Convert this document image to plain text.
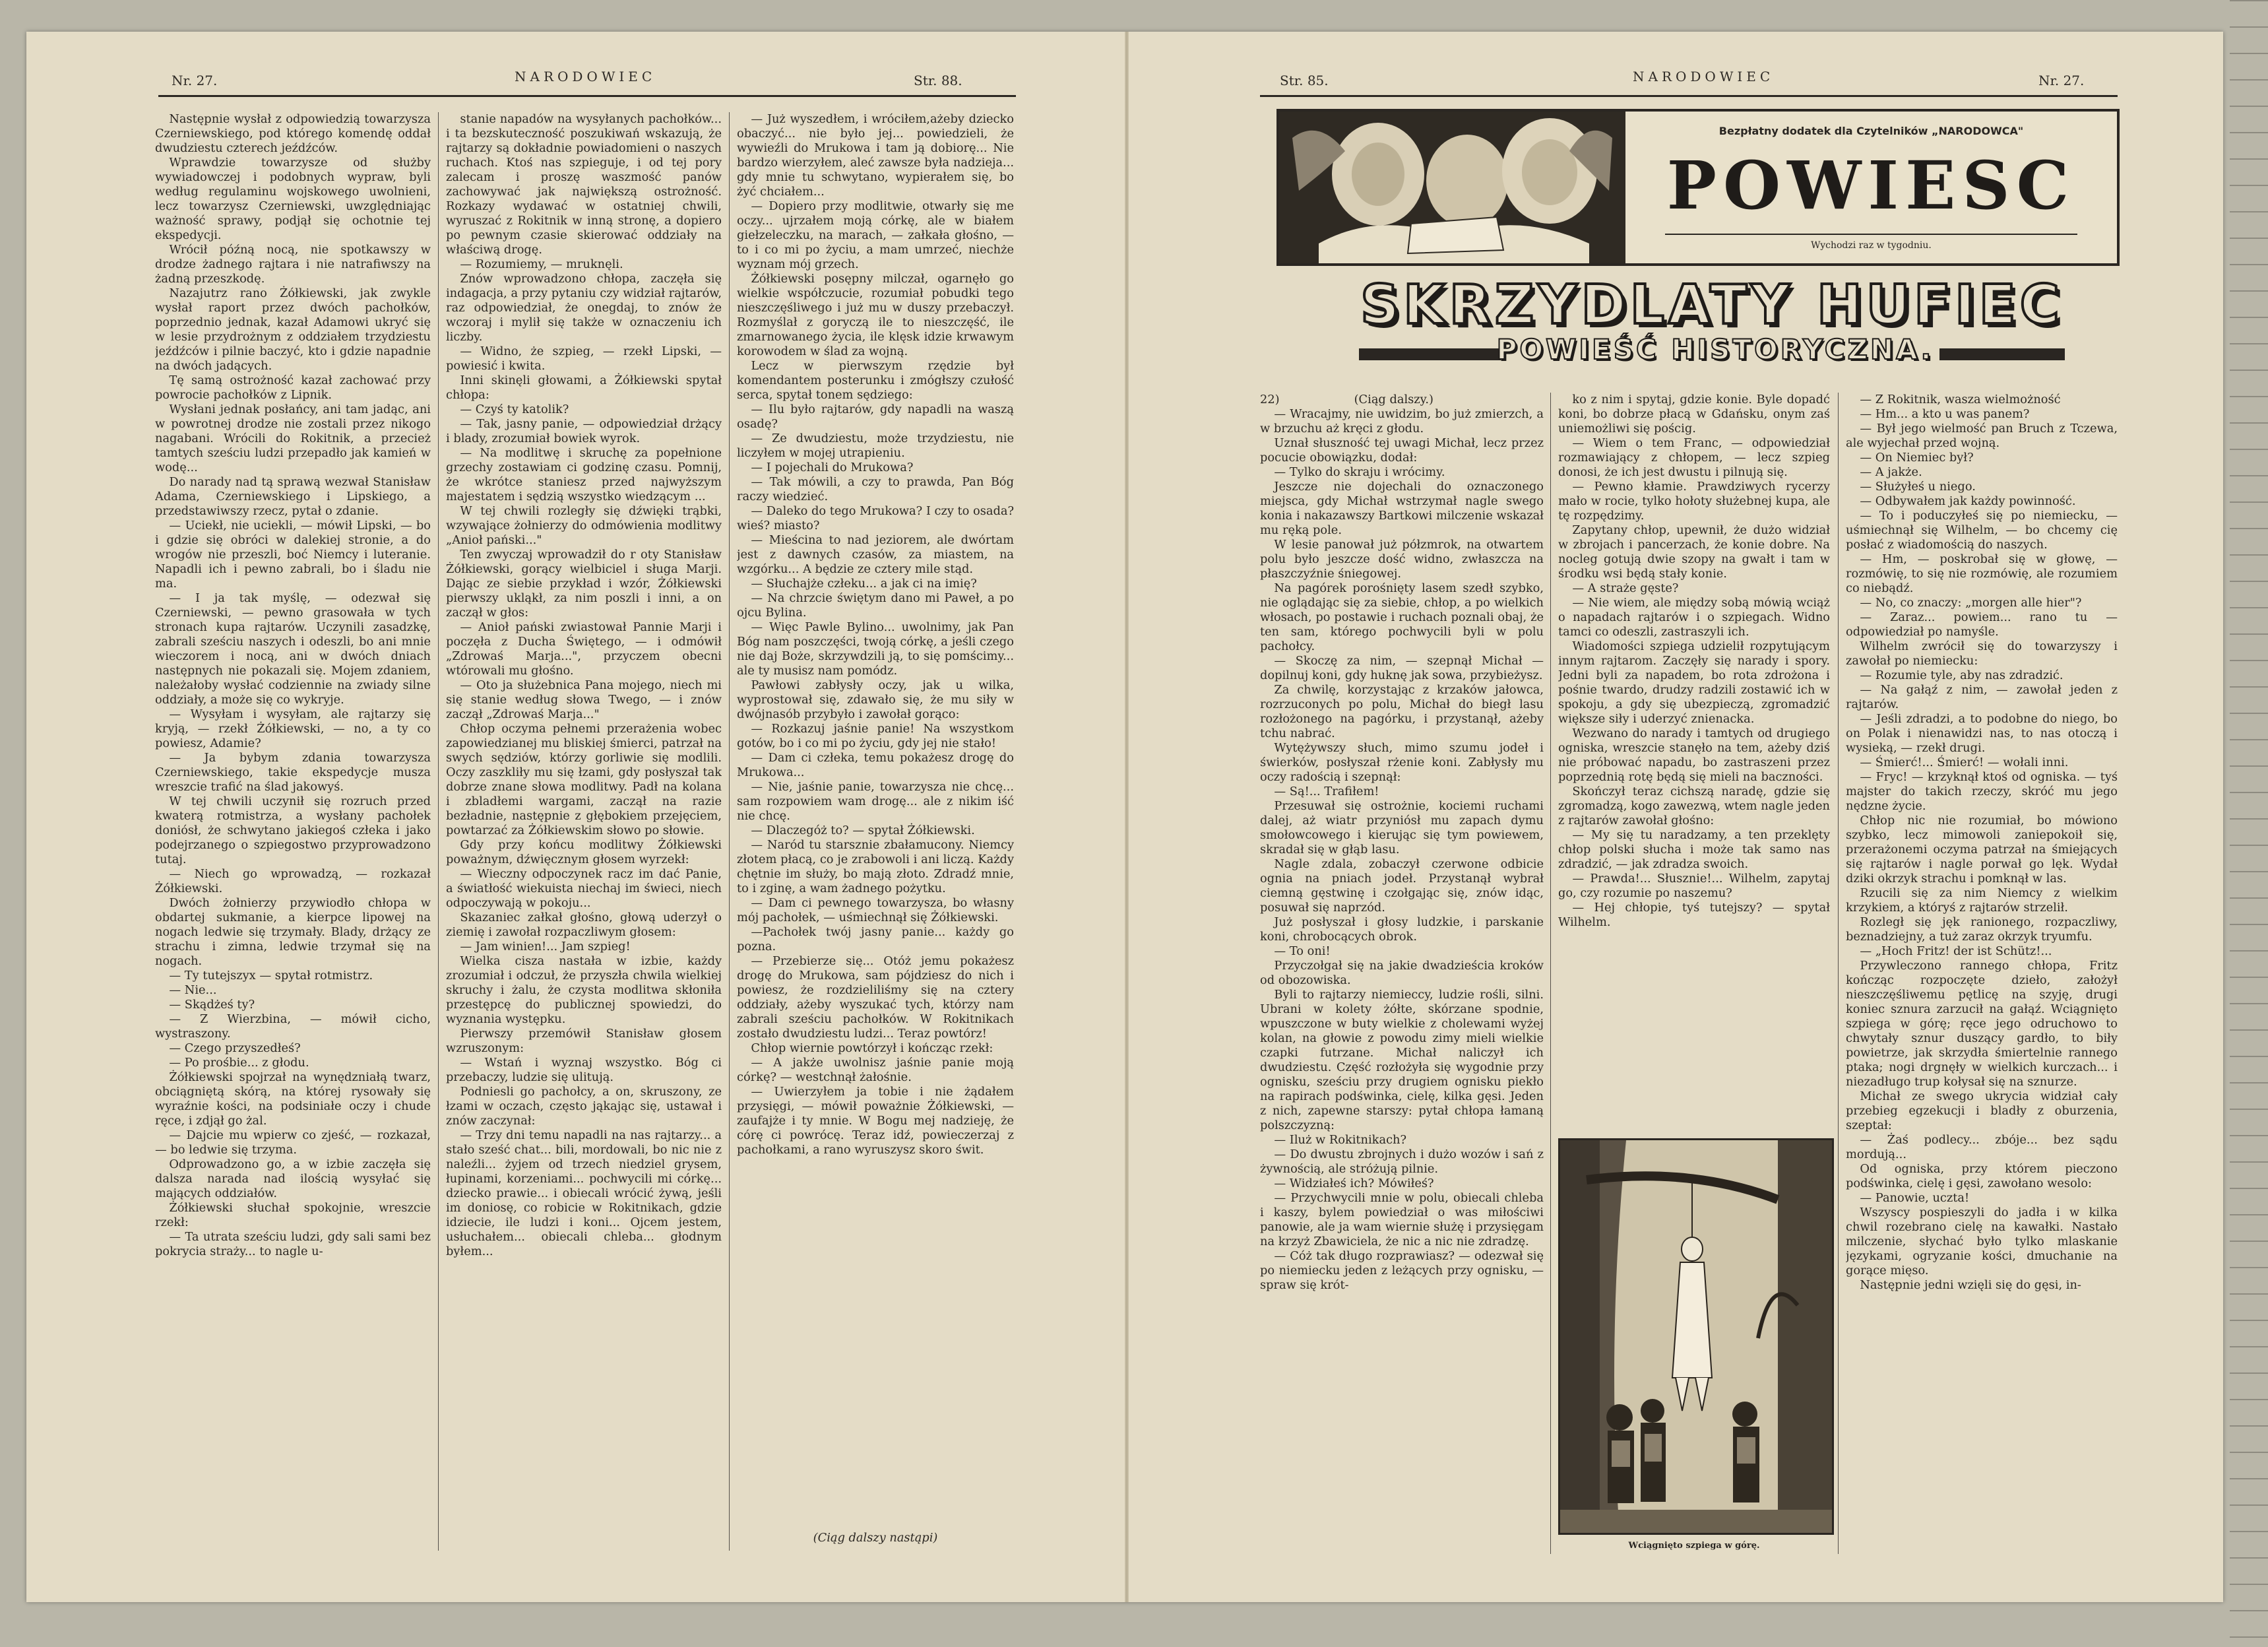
Nr. 27.	NARODOWIEC	Str. 88.

Następnie wysłał z odpowiedzią towarzysza Czerniewskiego, pod którego komendę oddał dwudziestu czterech jeźdźców.

Wprawdzie towarzysze od służby wywiadowczej i podobnych wypraw, byli według regulaminu wojskowego uwolnieni, lecz towarzysz Czerniewski, uwzględniając ważność sprawy, podjął się ochotnie tej ekspedycji.

Wrócił późną nocą, nie spotkawszy w drodze żadnego rajtara i nie natrafiwszy na żadną przeszkodę.

Nazajutrz rano Żółkiewski, jak zwykle wysłał raport przez dwóch pachołków, poprzednio jednak, kazał Adamowi ukryć się w lesie przydrożnym z oddziałem trzydziestu jeźdźców i pilnie baczyć, kto i gdzie napadnie na dwóch jadących.

Tę samą ostrożność kazał zachować przy powrocie pachołków z Lipnik.

Wysłani jednak posłańcy, ani tam jadąc, ani w powrotnej drodze nie zostali przez nikogo nagabani. Wrócili do Rokitnik, a przecież tamtych sześciu ludzi przepadło jak kamień w wodę...

Do narady nad tą sprawą wezwał Stanisław Adama, Czerniewskiego i Lipskiego, a przedstawiwszy rzecz, pytał o zdanie.

— Uciekł, nie uciekli, — mówił Lipski, — bo i gdzie się obróci w dalekiej stronie, a do wrogów nie przeszli, boć Niemcy i luteranie. Napadli ich i pewno zabrali, bo i śladu nie ma.

— I ja tak myślę, — odezwał się Czerniewski, — pewno grasowała w tych stronach kupa rajtarów. Uczynili zasadzkę, zabrali sześciu naszych i odeszli, bo ani mnie wieczorem i nocą, ani w dwóch dniach następnych nie pokazali się. Mojem zdaniem, należałoby wysłać codziennie na zwiady silne oddziały, a może się co wykryje.

— Wysyłam i wysyłam, ale rajtarzy się kryją, — rzekł Żółkiewski, — no, a ty co powiesz, Adamie?

— Ja bybym zdania towarzysza Czerniewskiego, takie ekspedycje musza wreszcie trafić na ślad jakowyś.

W tej chwili uczynił się rozruch przed kwaterą rotmistrza, a wysłany pachołek doniósł, że schwytano jakiegoś człeka i jako podejrzanego o szpiegostwo przyprowadzono tutaj.

— Niech go wprowadzą, — rozkazał Żółkiewski.

Dwóch żołnierzy przywiodło chłopa w obdartej sukmanie, a kierpce lipowej na nogach ledwie się trzymały. Blady, drżący ze strachu i zimna, ledwie trzymał się na nogach.

— Ty tutejszyx — spytał rotmistrz.

— Nie...

— Skądżeś ty?

— Z Wierzbina, — mówił cicho, wystraszony.

— Czego przyszedłeś?

— Po prośbie... z głodu.

Żółkiewski spojrzał na wynędzniałą twarz, obciągniętą skórą, na której rysowały się wyraźnie kości, na podsiniałe oczy i chude ręce, i zdjął go żal.

— Dajcie mu wpierw co zjeść, — rozkazał, — bo ledwie się trzyma.

Odprowadzono go, a w izbie zaczęła się dalsza narada nad ilością wysyłać się mających oddziałów.

Żółkiewski słuchał spokojnie, wreszcie rzekł:

— Ta utrata sześciu ludzi, gdy sali sami bez pokrycia straży... to nagle u-

stanie napadów na wysyłanych pachołków... i ta bezskuteczność poszukiwań wskazują, że rajtarzy są dokładnie powiadomieni o naszych ruchach. Ktoś nas szpieguje, i od tej pory zalecam i proszę waszmość panów zachowywać jak największą ostrożność. Rozkazy wydawać w ostatniej chwili, wyruszać z Rokitnik w inną stronę, a dopiero po pewnym czasie skierować oddziały na właściwą drogę.

— Rozumiemy, — mruknęli.

Znów wprowadzono chłopa, zaczęła się indagacja, a przy pytaniu czy widział rajtarów, raz odpowiedział, że onegdaj, to znów że wczoraj i mylił się także w oznaczeniu ich liczby.

— Widno, że szpieg, — rzekł Lipski, — powiesić i kwita.

Inni skinęli głowami, a Żółkiewski spytał chłopa:

— Czyś ty katolik?

— Tak, jasny panie, — odpowiedział drżący i blady, zrozumiał bowiek wyrok.

— Na modlitwę i skruchę za popełnione grzechy zostawiam ci godzinę czasu. Pomnij, że wkrótce staniesz przed najwyższym majestatem i sędzią wszystko wiedzącym ...

W tej chwili rozległy się dźwięki trąbki, wzywające żołnierzy do odmówienia modlitwy „Anioł pański..."

Ten zwyczaj wprowadził do r oty Stanisław Żółkiewski, gorący wielbiciel i sługa Marji. Dając ze siebie przykład i wzór, Żółkiewski pierwszy ukląkł, za nim poszli i inni, a on zaczął w głos:

— Anioł pański zwiastował Pannie Marji i poczęła z Ducha Świętego, — i odmówił „Zdrowaś Marja...", przyczem obecni wtórowali mu głośno.

— Oto ja służebnica Pana mojego, niech mi się stanie według słowa Twego, — i znów zaczął „Zdrowaś Marja..."

Chłop oczyma pełnemi przerażenia wobec zapowiedzianej mu bliskiej śmierci, patrzał na swych sędziów, którzy gorliwie się modlili. Oczy zaszkliły mu się łzami, gdy posłyszał tak dobrze znane słowa modlitwy. Padł na kolana i zbladłemi wargami, zaczął na razie bezładnie, następnie z głębokiem przejęciem, powtarzać za Żółkiewskim słowo po słowie.

Gdy przy końcu modlitwy Żółkiewski poważnym, dźwięcznym głosem wyrzekł:

— Wieczny odpoczynek racz im dać Panie, a światłość wiekuista niechaj im świeci, niech odpoczywają w pokoju...

Skazaniec załkał głośno, głową uderzył o ziemię i zawołał rozpaczliwym głosem:

— Jam winien!... Jam szpieg!

Wielka cisza nastała w izbie, każdy zrozumiał i odczuł, że przyszła chwila wielkiej skruchy i żalu, że czysta modlitwa skłoniła przestępcę do publicznej spowiedzi, do wyznania występku.

Pierwszy przemówił Stanisław głosem wzruszonym:

— Wstań i wyznaj wszystko. Bóg ci przebaczy, ludzie się ulitują.

Podniesli go pachołcy, a on, skruszony, ze łzami w oczach, często jąkając się, ustawał i znów zaczynał:

— Trzy dni temu napadli na nas rajtarzy... a stało sześć chat... bili, mordowali, bo nic nie z naleźli... żyjem od trzech niedziel grysem, łupinami, korzeniami... pochwycili mi córkę... dziecko prawie... i obiecali wrócić żywą, jeśli im doniosę, co robicie w Rokitnikach, gdzie idziecie, ile ludzi i koni... Ojcem jestem, usłuchałem... obiecali chleba... głodnym byłem...

— Już wyszedłem, i wróciłem,ażeby dziecko obaczyć... nie było jej... powiedzieli, że wywieźli do Mrukowa i tam ją dobiorę... Nie bardzo wierzyłem, aleć zawsze była nadzieja... gdy mnie tu schwytano, wypierałem się, bo żyć chciałem...

— Dopiero przy modlitwie, otwarły się me oczy... ujrzałem moją córkę, ale w białem giełzeleczku, na marach, — załkała głośno, — to i co mi po życiu, a mam umrzeć, niechże wyznam mój grzech.

Żółkiewski posępny milczał, ogarnęło go wielkie współczucie, rozumiał pobudki tego nieszczęśliwego i już mu w duszy przebaczył. Rozmyślał z goryczą ile to nieszczęść, ile zmarnowanego życia, ile klęsk idzie krwawym korowodem w ślad za wojną.

Lecz w pierwszym rzędzie był komendantem posterunku i zmógłszy czułość serca, spytał tonem sędziego:

— Ilu było rajtarów, gdy napadli na waszą osadę?

— Ze dwudziestu, może trzydziestu, nie liczyłem w mojej utrapieniu.

— I pojechali do Mrukowa?

— Tak mówili, a czy to prawda, Pan Bóg raczy wiedzieć.

— Daleko do tego Mrukowa? I czy to osada? wieś? miasto?

— Mieścina to nad jeziorem, ale dwórtam jest z dawnych czasów, za miastem, na wzgórku... A będzie ze cztery mile stąd.

— Słuchajże człeku... a jak ci na imię?

— Na chrzcie świętym dano mi Paweł, a po ojcu Bylina.

— Więc Pawle Bylino... uwolnimy, jak Pan Bóg nam poszczęści, twoją córkę, a jeśli czego nie daj Boże, skrzywdzili ją, to się pomścimy... ale ty musisz nam pomódz.

Pawłowi zabłysły oczy, jak u wilka, wyprostował się, zdawało się, że mu siły w dwójnasób przybyło i zawołał gorąco:

— Rozkazuj jaśnie panie! Na wszystkom gotów, bo i co mi po życiu, gdy jej nie stało!

— Dam ci człeka, temu pokażesz drogę do Mrukowa...

— Nie, jaśnie panie, towarzysza nie chcę... sam rozpowiem wam drogę... ale z nikim iść nie chcę.

— Dlaczegóż to? — spytał Żółkiewski.

— Naród tu starsznie zbałamucony. Niemcy złotem płacą, co je zrabowoli i ani liczą. Każdy chętnie im służy, bo mają złoto. Zdradź mnie, to i zginę, a wam żadnego pożytku.

— Dam ci pewnego towarzysza, bo własny mój pachołek, — uśmiechnął się Żółkiewski.

—Pachołek twój jasny panie... każdy go pozna.

— Przebierze się... Otóż jemu pokażesz drogę do Mrukowa, sam pójdziesz do nich i powiesz, że rozdzieliliśmy się na cztery oddziały, ażeby wyszukać tych, którzy nam zabrali sześciu pachołków. W Rokitnikach zostało dwudziestu ludzi... Teraz powtórz!

Chłop wiernie powtórzył i kończąc rzekł:

— A jakże uwolnisz jaśnie panie moją córkę? — westchnął żałośnie.

— Uwierzyłem ja tobie i nie żądałem przysięgi, — mówił poważnie Żółkiewski, — zaufajże i ty mnie. W Bogu mej nadzieję, że córę ci powrócę. Teraz idź, powieczerzaj z pachołkami, a rano wyruszysz skoro świt.

(Ciąg dalszy nastąpi)
Str. 85.	NARODOWIEC	Nr. 27.
Bezpłatny dodatek dla Czytelników „NARODOWCA"
POWIESC
Wychodzi raz w tygodniu.
SKRZYDLATY HUFIEC
POWIEŚĆ HISTORYCZNA.
22)                    (Ciąg dalszy.)

— Wracajmy, nie uwidzim, bo już zmierzch, a w brzuchu aż kręci z głodu.

Uznał słuszność tej uwagi Michał, lecz przez pocucie obowiązku, dodał:

— Tylko do skraju i wrócimy.

Jeszcze nie dojechali do oznaczonego miejsca, gdy Michał wstrzymał nagle swego konia i nakazawszy Bartkowi milczenie wskazał mu ręką pole.

W lesie panował już półzmrok, na otwartem polu było jeszcze dość widno, zwłaszcza na płaszczyźnie śniegowej.

Na pagórek porośnięty lasem szedł szybko, nie oglądając się za siebie, chłop, a po wielkich włosach, po postawie i ruchach poznali obaj, że ten sam, którego pochwycili byli w polu pachołcy.

— Skoczę za nim, — szepnął Michał — dopilnuj koni, gdy huknę jak sowa, przybieżysz.

Za chwilę, korzystając z krzaków jałowca, rozrzuconych po polu, Michał do biegł lasu rozłożonego na pagórku, i przystanął, ażeby tchu nabrać.

Wytężywszy słuch, mimo szumu jodeł i świerków, posłyszał rżenie koni. Zabłysły mu oczy radością i szepnął:

— Są!... Trafiłem!

Przesuwał się ostrożnie, kociemi ruchami dalej, aż wiatr przyniósł mu zapach dymu smołowcowego i kierując się tym powiewem, skradał się w głąb lasu.

Nagle zdala, zobaczył czerwone odbicie ognia na pniach jodeł. Przystanął wybrał ciemną gęstwinę i czołgając się, znów idąc, posuwał się naprzód.

Już posłyszał i głosy ludzkie, i parskanie koni, chrobocących obrok.

— To oni!

Przyczołgał się na jakie dwadzieścia kroków od obozowiska.

Byli to rajtarzy niemieccy, ludzie rośli, silni. Ubrani w kolety żółte, skórzane spodnie, wpuszczone w buty wielkie z cholewami wyżej kolan, na głowie z powodu zimy mieli wielkie czapki futrzane. Michał naliczył ich dwudziestu. Część rozłożyła się wygodnie przy ognisku, sześciu przy drugiem ognisku piekło na rapirach podświnka, cielę, kilka gęsi. Jeden z nich, zapewne starszy: pytał chłopa łamaną polszczyzną:

— Iluż w Rokitnikach?

— Do dwustu zbrojnych i dużo wozów i sań z żywnością, ale stróżują pilnie.

— Widziałeś ich? Mówiłeś?

— Przychwycili mnie w polu, obiecali chleba i kaszy, bylem powiedział o was miłościwi panowie, ale ja wam wiernie służę i przysięgam na krzyż Zbawiciela, że nic a nic nie zdradzę.

— Cóż tak długo rozprawiasz? — odezwał się po niemiecku jeden z leżących przy ognisku, — spraw się krót-

ko z nim i spytaj, gdzie konie. Byle dopadć koni, bo dobrze płacą w Gdańsku, onym zaś uniemożliwi się pościg.

— Wiem o tem Franc, — odpowiedział rozmawiający z chłopem, — lecz szpieg donosi, że ich jest dwustu i pilnują się.

— Pewno kłamie. Prawdziwych rycerzy mało w rocie, tylko hołoty służebnej kupa, ale tę rozpędzimy.

Zapytany chłop, upewnił, że dużo widział w zbrojach i pancerzach, że konie dobre. Na nocleg gotują dwie szopy na gwałt i tam w środku wsi będą stały konie.

— A straże gęste?

— Nie wiem, ale między sobą mówią wciąż o napadach rajtarów i o szpiegach. Widno tamci co odeszli, zastraszyli ich.

Wiadomości szpiega udzielił rozpytującym innym rajtarom. Zaczęły się narady i spory. Jedni byli za napadem, bo rota zdrożona i pośnie twardo, drudzy radzili zostawić ich w spokoju, a gdy się ubezpieczą, zgromadzić większe siły i uderzyć znienacka.

Wezwano do narady i tamtych od drugiego ogniska, wreszcie stanęło na tem, ażeby dziś nie próbować napadu, bo zastraszeni przez poprzednią rotę będą się mieli na baczności.

Skończył teraz cichszą naradę, gdzie się zgromadzą, kogo zawezwą, wtem nagle jeden z rajtarów zawołał głośno:

— My się tu naradzamy, a ten przeklęty chłop polski słucha i może tak samo nas zdradzić, — jak zdradza swoich.

— Prawda!... Słusznie!... Wilhelm, zapytaj go, czy rozumie po naszemu?

— Hej chłopie, tyś tutejszy? — spytał Wilhelm.

Wciągnięto szpiega w górę.

— Z Rokitnik, wasza wielmożność

— Hm... a kto u was panem?

— Był jego wielmość pan Bruch z Tczewa, ale wyjechał przed wojną.

— On Niemiec był?

— A jakże.

— Służyłeś u niego.

— Odbywałem jak każdy powinność.

— To i poduczyłeś się po niemiecku, — uśmiechnął się Wilhelm, — bo chcemy cię posłać z wiadomością do naszych.

— Hm, — poskrobał się w głowę, — rozmówię, to się nie rozmówię, ale rozumiem co niebądź.

— No, co znaczy: „morgen alle hier"?

— Zaraz... powiem... rano tu — odpowiedział po namyśle.

Wilhelm zwrócił się do towarzyszy i zawołał po niemiecku:

— Rozumie tyle, aby nas zdradzić.

— Na gałąź z nim, — zawołał jeden z rajtarów.

— Jeśli zdradzi, a to podobne do niego, bo on Polak i nienawidzi nas, to nas otoczą i wysieką, — rzekł drugi.

— Śmierć!... Śmierć! — wołali inni.

— Fryc! — krzyknął ktoś od ogniska. — tyś majster do takich rzeczy, skróć mu jego nędzne życie.

Chłop nic nie rozumiał, bo mówiono szybko, lecz mimowoli zaniepokoił się, przerażonemi oczyma patrzał na śmiejących się rajtarów i nagle porwał go lęk. Wydał dziki okrzyk strachu i pomknął w las.

Rzucili się za nim Niemcy z wielkim krzykiem, a któryś z rajtarów strzelił.

Rozległ się jęk ranionego, rozpaczliwy, beznadziejny, a tuż zaraz okrzyk tryumfu.

— „Hoch Fritz! der ist Schütz!...

Przywleczono rannego chłopa, Fritz kończąc rozpoczęte dzieło, założył nieszczęśliwemu pętlicę na szyję, drugi koniec sznura zarzucił na gałąź. Wciągnięto szpiega w górę; ręce jego odruchowo to chwytały sznur duszący gardło, to biły powietrze, jak skrzydła śmiertelnie rannego ptaka; nogi drgnęły w wielkich kurczach... i niezadługo trup kołysał się na sznurze.

Michał ze swego ukrycia widział cały przebieg egzekucji i bladły z oburzenia, szeptał:

— Żaś podlecy... zbóje... bez sądu mordują...

Od ogniska, przy którem pieczono podświnka, cielę i gęsi, zawołano wesolo:

— Panowie, uczta!

Wszyscy pospieszyli do jadła i w kilka chwil rozebrano cielę na kawałki. Nastało milczenie, słychać było tylko mlaskanie językami, ogryzanie kości, dmuchanie na gorące mięso.

Następnie jedni wzięli się do gęsi, in-
